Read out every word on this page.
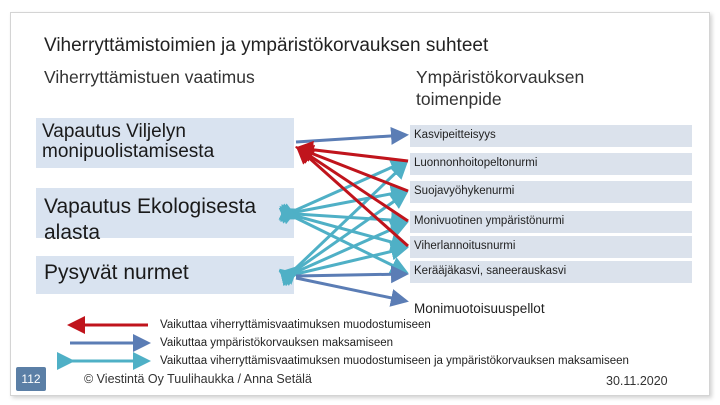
Viherryttämistoimien ja ympäristökorvauksen suhteet
Viherryttämistuen vaatimus	Ympäristökorvauksen toimenpide
Vapautus Viljelyn monipuolistamisesta
Vapautus Ekologisesta alasta
Pysyvät nurmet
Kasvipeitteisyys
Luonnonhoitopeltonurmi
Suojavyöhykenurmi
Monivuotinen ympäristönurmi
Viherlannoitusnurmi
Kerääjäkasvi, saneerauskasvi
Monimuotoisuuspellot
Vaikuttaa viherryttämisvaatimuksen muodostumiseen
Vaikuttaa ympäristökorvauksen maksamiseen
Vaikuttaa viherryttämisvaatimuksen muodostumiseen ja ympäristökorvauksen maksamiseen
112	© Viestintä Oy Tuulihaukka / Anna Setälä	30.11.2020
